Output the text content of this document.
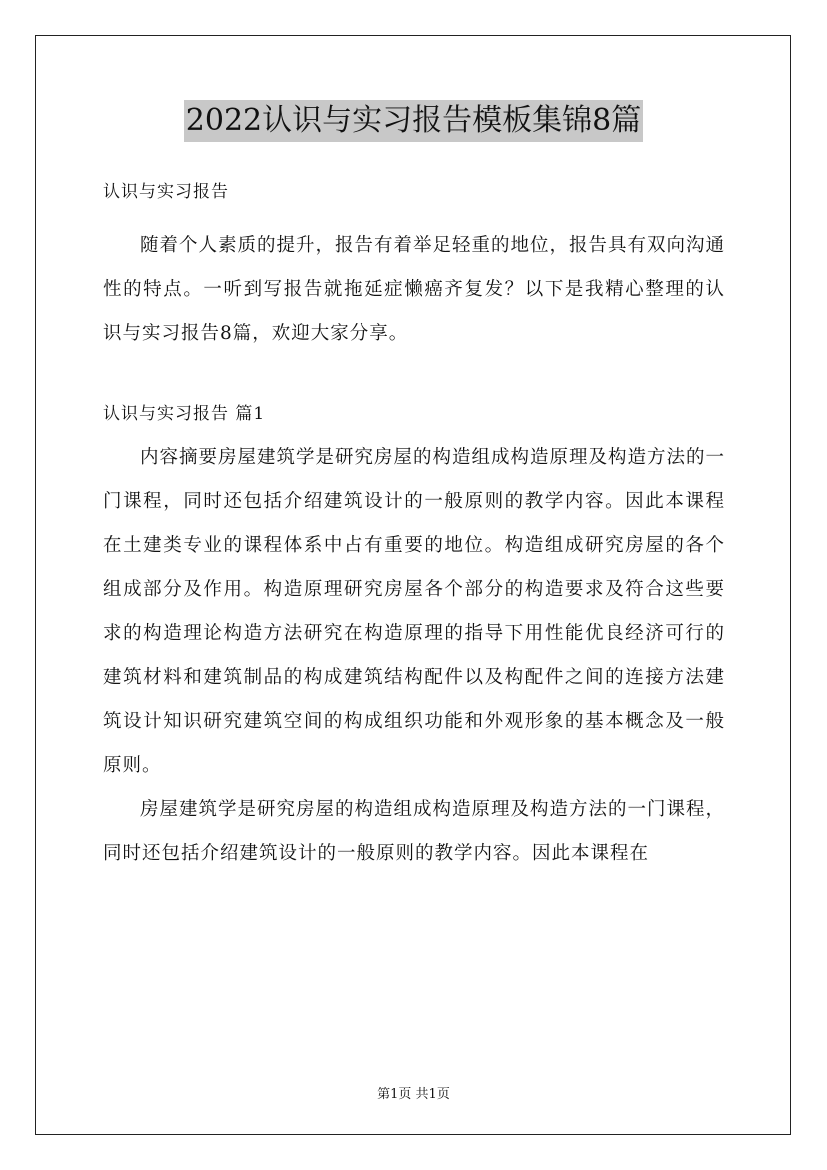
2022认识与实习报告模板集锦8篇

认识与实习报告

随着个人素质的提升，报告有着举足轻重的地位，报告具有双向沟通性的特点。一听到写报告就拖延症懒癌齐复发？以下是我精心整理的认识与实习报告8篇，欢迎大家分享。

认识与实习报告 篇1

内容摘要房屋建筑学是研究房屋的构造组成构造原理及构造方法的一门课程，同时还包括介绍建筑设计的一般原则的教学内容。因此本课程在土建类专业的课程体系中占有重要的地位。构造组成研究房屋的各个组成部分及作用。构造原理研究房屋各个部分的构造要求及符合这些要求的构造理论构造方法研究在构造原理的指导下用性能优良经济可行的建筑材料和建筑制品的构成建筑结构配件以及构配件之间的连接方法建筑设计知识研究建筑空间的构成组织功能和外观形象的基本概念及一般原则。

房屋建筑学是研究房屋的构造组成构造原理及构造方法的一门课程，同时还包括介绍建筑设计的一般原则的教学内容。因此本课程在

第1页 共1页
